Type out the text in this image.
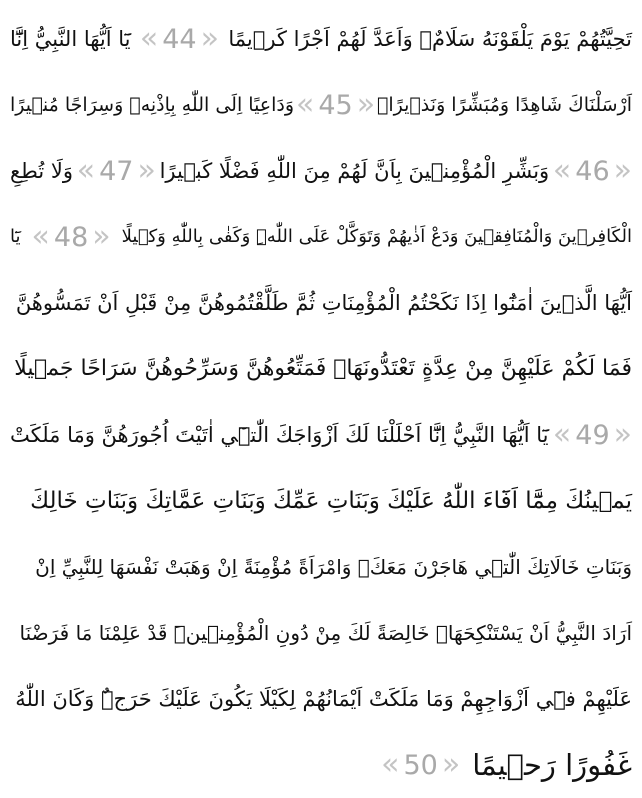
تَحِيَّتُهُمْ يَوْمَ يَلْقَوْنَهُ سَلَامٌۚ وَاَعَدَّ لَهُمْ اَجْرًا كَر۪يمًا
« 44 »
يَٓا اَيُّهَا النَّبِيُّ اِنَّٓا
اَرْسَلْنَاكَ شَاهِدًا وَمُبَشِّرًا وَنَذ۪يرًاۙ
« 45 »
وَدَاعِيًا اِلَى اللّٰهِ بِاِذْنِه۪ وَسِرَاجًا مُن۪يرًا
« 46 »
وَبَشِّرِ الْمُؤْمِن۪ينَ بِاَنَّ لَهُمْ مِنَ اللّٰهِ فَضْلًا كَب۪يرًا
« 47 »
وَلَا تُطِعِ
الْكَافِر۪ينَ وَالْمُنَافِق۪ينَ وَدَعْ اَذٰيهُمْ وَتَوَكَّلْ عَلَى اللّٰهِۜ وَكَفٰى بِاللّٰهِ وَك۪يلًا
« 48 »
يَٓا
اَيُّهَا الَّذ۪ينَ اٰمَنُٓوا اِذَا نَكَحْتُمُ الْمُؤْمِنَاتِ ثُمَّ طَلَّقْتُمُوهُنَّ مِنْ قَبْلِ اَنْ تَمَسُّوهُنَّ
فَمَا لَكُمْ عَلَيْهِنَّ مِنْ عِدَّةٍ تَعْتَدُّونَهَاۚ فَمَتِّعُوهُنَّ وَسَرِّحُوهُنَّ سَرَاحًا جَم۪يلًا
« 49 »
يَٓا اَيُّهَا النَّبِيُّ اِنَّٓا اَحْلَلْنَا لَكَ اَزْوَاجَكَ الّٰت۪ٓي اٰتَيْتَ اُجُورَهُنَّ وَمَا مَلَكَتْ
يَم۪ينُكَ مِمَّٓا اَفَٓاءَ اللّٰهُ عَلَيْكَ وَبَنَاتِ عَمِّكَ وَبَنَاتِ عَمَّاتِكَ وَبَنَاتِ خَالِكَ
وَبَنَاتِ خَالَاتِكَ الّٰت۪ي هَاجَرْنَ مَعَكَۘ وَامْرَاَةً مُؤْمِنَةً اِنْ وَهَبَتْ نَفْسَهَا لِلنَّبِيِّ اِنْ
اَرَادَ النَّبِيُّ اَنْ يَسْتَنْكِحَهَاۗ خَالِصَةً لَكَ مِنْ دُونِ الْمُؤْمِن۪ينَۜ قَدْ عَلِمْنَا مَا فَرَضْنَا
عَلَيْهِمْ ف۪ٓي اَزْوَاجِهِمْ وَمَا مَلَكَتْ اَيْمَانُهُمْ لِكَيْلَا يَكُونَ عَلَيْكَ حَرَجٌۜ وَكَانَ اللّٰهُ
غَفُورًا رَح۪يمًا
« 50 »
